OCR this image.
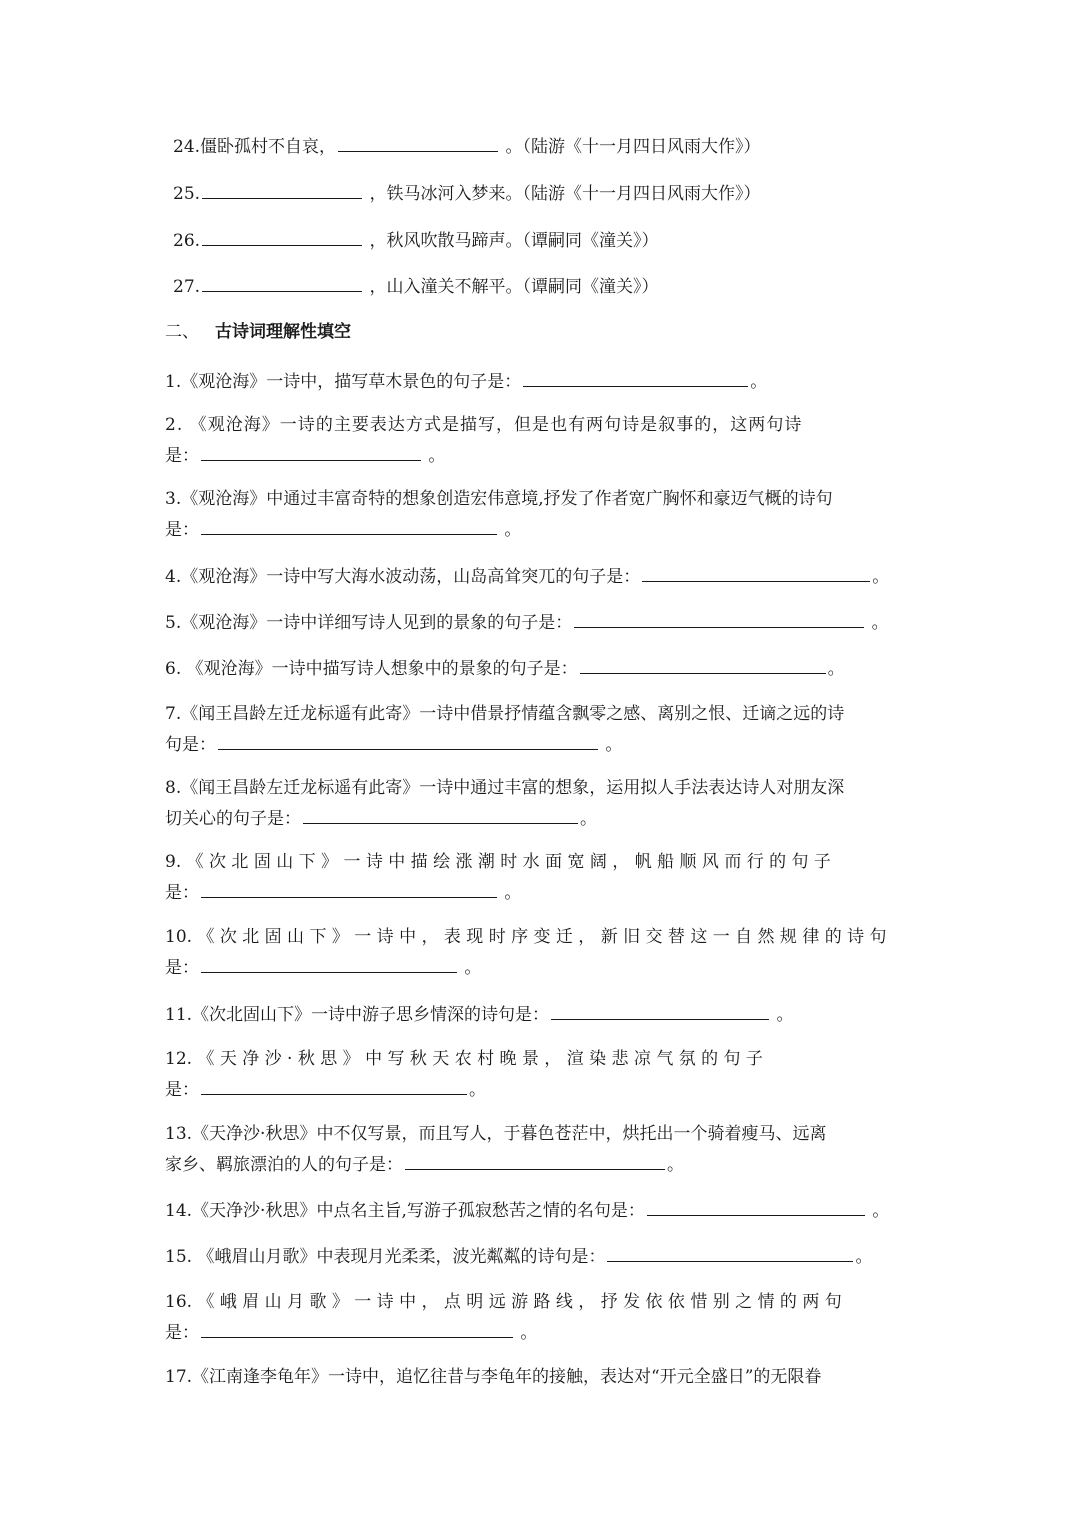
24.僵卧孤村不自哀，	。（陆游《十一月四日风雨大作》）
25.	，铁马冰河入梦来。（陆游《十一月四日风雨大作》）
26.	，秋风吹散马蹄声。（谭嗣同《潼关》）
27.	，山入潼关不解平。（谭嗣同《潼关》）
二、 古诗词理解性填空
1.《观沧海》一诗中，描写草木景色的句子是：	。
2. 《观沧海》一诗的主要表达方式是描写，但是也有两句诗是叙事的，这两句诗
是：	。
3.《观沧海》中通过丰富奇特的想象创造宏伟意境,抒发了作者宽广胸怀和豪迈气概的诗句
是：	。
4.《观沧海》一诗中写大海水波动荡，山岛高耸突兀的句子是：	。
5.《观沧海》一诗中详细写诗人见到的景象的句子是：	。
6. 《观沧海》一诗中描写诗人想象中的景象的句子是：	。
7.《闻王昌龄左迁龙标遥有此寄》一诗中借景抒情蕴含飘零之感、离别之恨、迁谪之远的诗
句是：	。
8.《闻王昌龄左迁龙标遥有此寄》一诗中通过丰富的想象，运用拟人手法表达诗人对朋友深
切关心的句子是：	。
9. 《 次 北 固 山 下 》 一 诗 中 描 绘 涨 潮 时 水 面 宽 阔 ， 帆 船 顺 风 而 行 的 句 子
是：	。
10. 《 次 北 固 山 下 》 一 诗 中 ， 表 现 时 序 变 迁 ， 新 旧 交 替 这 一 自 然 规 律 的 诗 句
是：	。
11.《次北固山下》一诗中游子思乡情深的诗句是：	。
12. 《 天 净 沙 · 秋 思 》 中 写 秋 天 农 村 晚 景 ， 渲 染 悲 凉 气 氛 的 句 子
是：	。
13.《天净沙·秋思》中不仅写景，而且写人，于暮色苍茫中，烘托出一个骑着瘦马、远离
家乡、羁旅漂泊的人的句子是：	。
14.《天净沙·秋思》中点名主旨,写游子孤寂愁苦之情的名句是：	。
15. 《峨眉山月歌》中表现月光柔柔，波光粼粼的诗句是：	。
16. 《 峨 眉 山 月 歌 》 一 诗 中 ， 点 明 远 游 路 线 ， 抒 发 依 依 惜 别 之 情 的 两 句
是：	。
17.《江南逢李龟年》一诗中，追忆往昔与李龟年的接触，表达对“开元全盛日”的无限眷
